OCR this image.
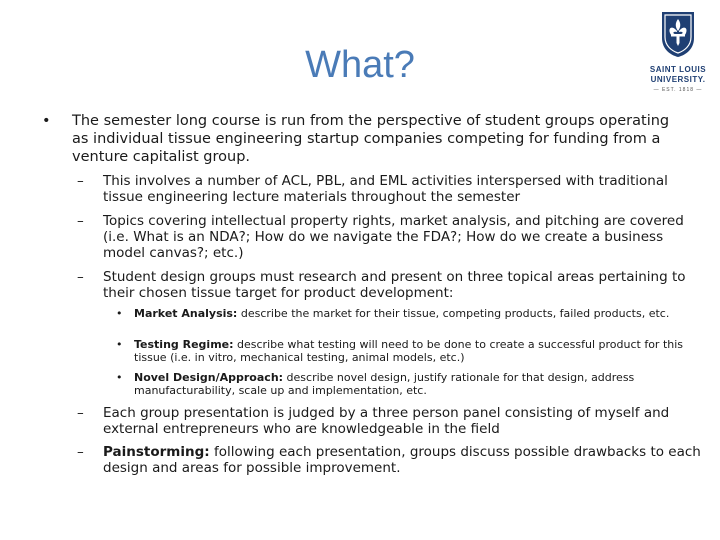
What?	SAINT LOUIS
UNIVERSITY.
— EST. 1818 —
• The semester long course is run from the perspective of student groups operating as individual tissue engineering startup companies competing for funding from a venture capitalist group.
– This involves a number of ACL, PBL, and EML activities interspersed with traditional tissue engineering lecture materials throughout the semester
– Topics covering intellectual property rights, market analysis, and pitching are covered (i.e. What is an NDA?; How do we navigate the FDA?; How do we create a business model canvas?; etc.)
– Student design groups must research and present on three topical areas pertaining to their chosen tissue target for product development:
• Market Analysis: describe the market for their tissue, competing products, failed products, etc.
• Testing Regime: describe what testing will need to be done to create a successful product for this tissue (i.e. in vitro, mechanical testing, animal models, etc.)
• Novel Design/Approach: describe novel design, justify rationale for that design, address manufacturability, scale up and implementation, etc.
– Each group presentation is judged by a three person panel consisting of myself and external entrepreneurs who are knowledgeable in the field
– Painstorming: following each presentation, groups discuss possible drawbacks to each design and areas for possible improvement.
